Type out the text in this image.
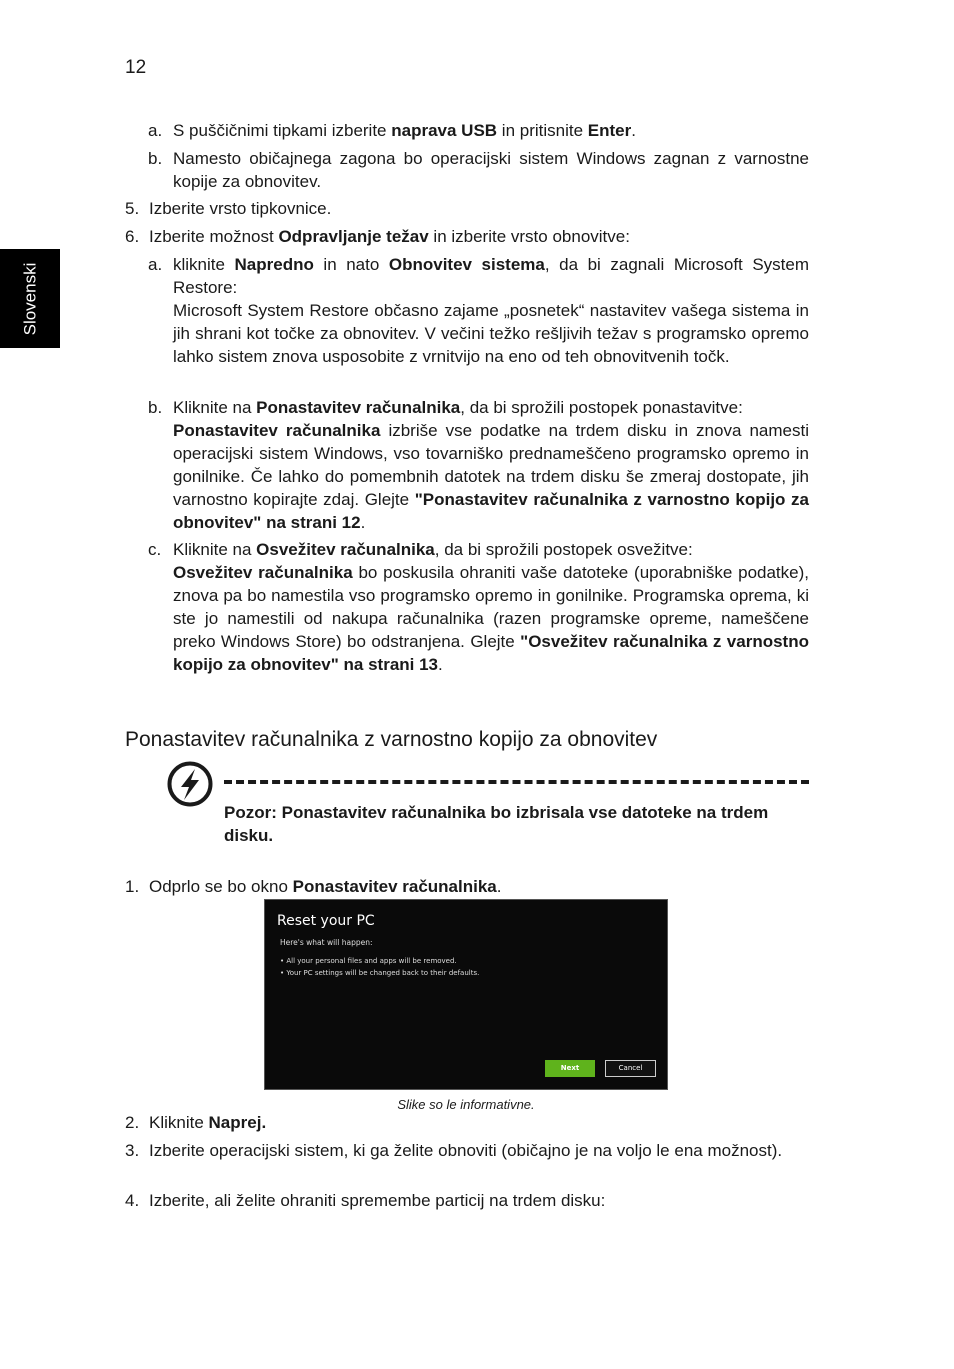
12
Slovenski
a. S puščičnimi tipkami izberite naprava USB in pritisnite Enter.
b. Namesto običajnega zagona bo operacijski sistem Windows zagnan z varnostne kopije za obnovitev.
5. Izberite vrsto tipkovnice.
6. Izberite možnost Odpravljanje težav in izberite vrsto obnovitve:
a. kliknite Napredno in nato Obnovitev sistema, da bi zagnali Microsoft System Restore:
Microsoft System Restore občasno zajame „posnetek“ nastavitev vašega sistema in jih shrani kot točke za obnovitev. V večini težko rešljivih težav s programsko opremo lahko sistem znova usposobite z vrnitvijo na eno od teh obnovitvenih točk.
b. Kliknite na Ponastavitev računalnika, da bi sprožili postopek ponastavitve:
Ponastavitev računalnika izbriše vse podatke na trdem disku in znova namesti operacijski sistem Windows, vso tovarniško prednameščeno programsko opremo in gonilnike. Če lahko do pomembnih datotek na trdem disku še zmeraj dostopate, jih varnostno kopirajte zdaj. Glejte "Ponastavitev računalnika z varnostno kopijo za obnovitev" na strani 12.
c. Kliknite na Osvežitev računalnika, da bi sprožili postopek osvežitve:
Osvežitev računalnika bo poskusila ohraniti vaše datoteke (uporabniške podatke), znova pa bo namestila vso programsko opremo in gonilnike. Programska oprema, ki ste jo namestili od nakupa računalnika (razen programske opreme, nameščene preko Windows Store) bo odstranjena. Glejte "Osvežitev računalnika z varnostno kopijo za obnovitev" na strani 13.
Ponastavitev računalnika z varnostno kopijo za obnovitev
Pozor: Ponastavitev računalnika bo izbrisala vse datoteke na trdem disku.
1. Odprlo se bo okno Ponastavitev računalnika.
Reset your PC
Here's what will happen:
• All your personal files and apps will be removed.
• Your PC settings will be changed back to their defaults.
Next	Cancel
Slike so le informativne.
2. Kliknite Naprej.
3. Izberite operacijski sistem, ki ga želite obnoviti (običajno je na voljo le ena možnost).
4. Izberite, ali želite ohraniti spremembe particij na trdem disku:
